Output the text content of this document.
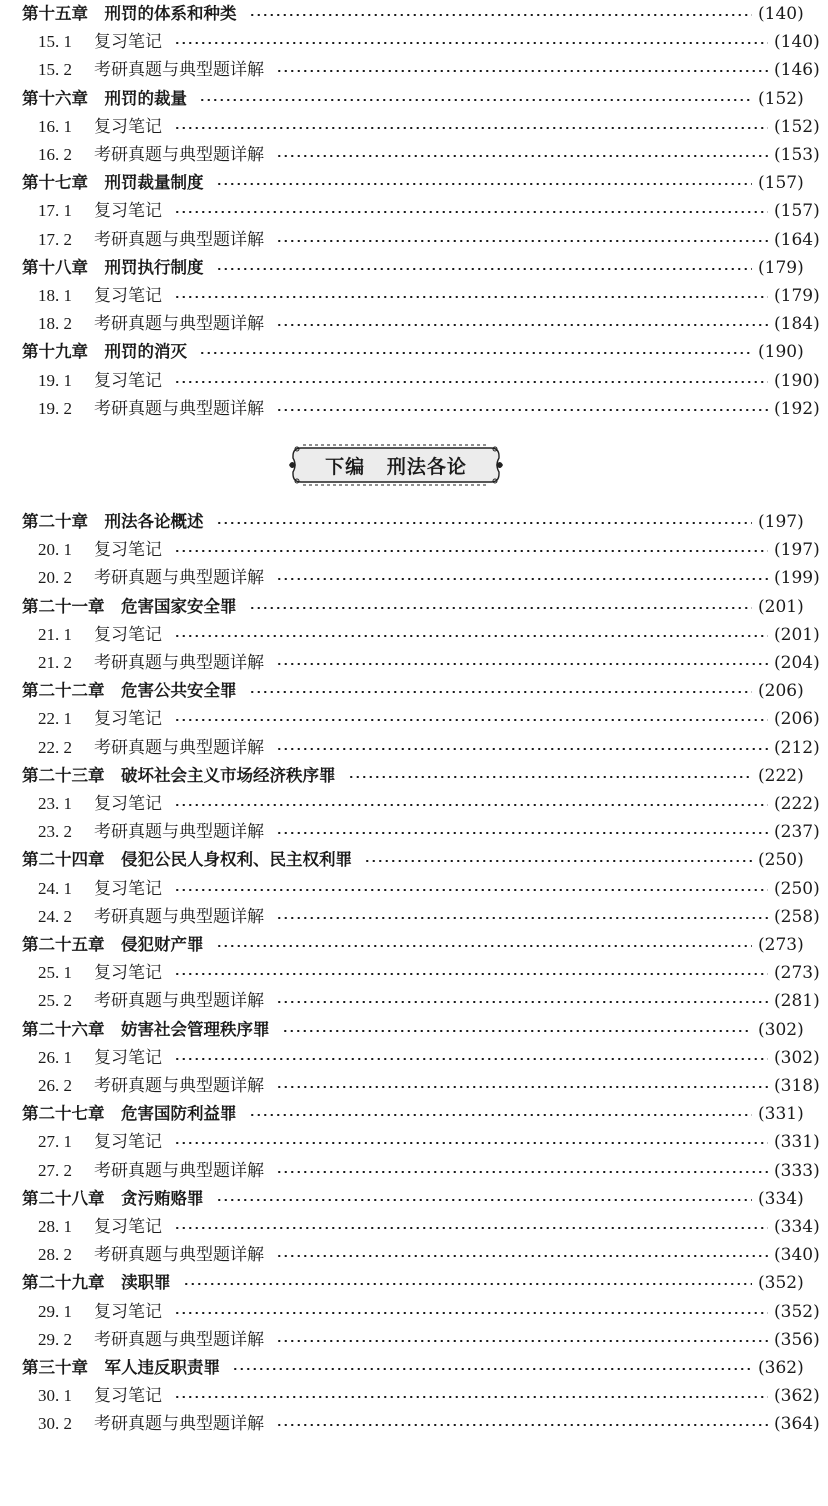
第十五章　 刑罚的体系和种类	(140)
15. 1	复习笔记	(140)
15. 2	考研真题与典型题详解	(146)
第十六章　 刑罚的裁量	(152)
16. 1	复习笔记	(152)
16. 2	考研真题与典型题详解	(153)
第十七章　 刑罚裁量制度	(157)
17. 1	复习笔记	(157)
17. 2	考研真题与典型题详解	(164)
第十八章　 刑罚执行制度	(179)
18. 1	复习笔记	(179)
18. 2	考研真题与典型题详解	(184)
第十九章　 刑罚的消灭	(190)
19. 1	复习笔记	(190)
19. 2	考研真题与典型题详解	(192)
下编 刑法各论
第二十章　 刑法各论概述	(197)
20. 1	复习笔记	(197)
20. 2	考研真题与典型题详解	(199)
第二十一章　 危害国家安全罪	(201)
21. 1	复习笔记	(201)
21. 2	考研真题与典型题详解	(204)
第二十二章　 危害公共安全罪	(206)
22. 1	复习笔记	(206)
22. 2	考研真题与典型题详解	(212)
第二十三章　 破坏社会主义市场经济秩序罪	(222)
23. 1	复习笔记	(222)
23. 2	考研真题与典型题详解	(237)
第二十四章　 侵犯公民人身权利、民主权利罪	(250)
24. 1	复习笔记	(250)
24. 2	考研真题与典型题详解	(258)
第二十五章　 侵犯财产罪	(273)
25. 1	复习笔记	(273)
25. 2	考研真题与典型题详解	(281)
第二十六章　 妨害社会管理秩序罪	(302)
26. 1	复习笔记	(302)
26. 2	考研真题与典型题详解	(318)
第二十七章　 危害国防利益罪	(331)
27. 1	复习笔记	(331)
27. 2	考研真题与典型题详解	(333)
第二十八章　 贪污贿赂罪	(334)
28. 1	复习笔记	(334)
28. 2	考研真题与典型题详解	(340)
第二十九章　 渎职罪	(352)
29. 1	复习笔记	(352)
29. 2	考研真题与典型题详解	(356)
第三十章　 军人违反职责罪	(362)
30. 1	复习笔记	(362)
30. 2	考研真题与典型题详解	(364)
